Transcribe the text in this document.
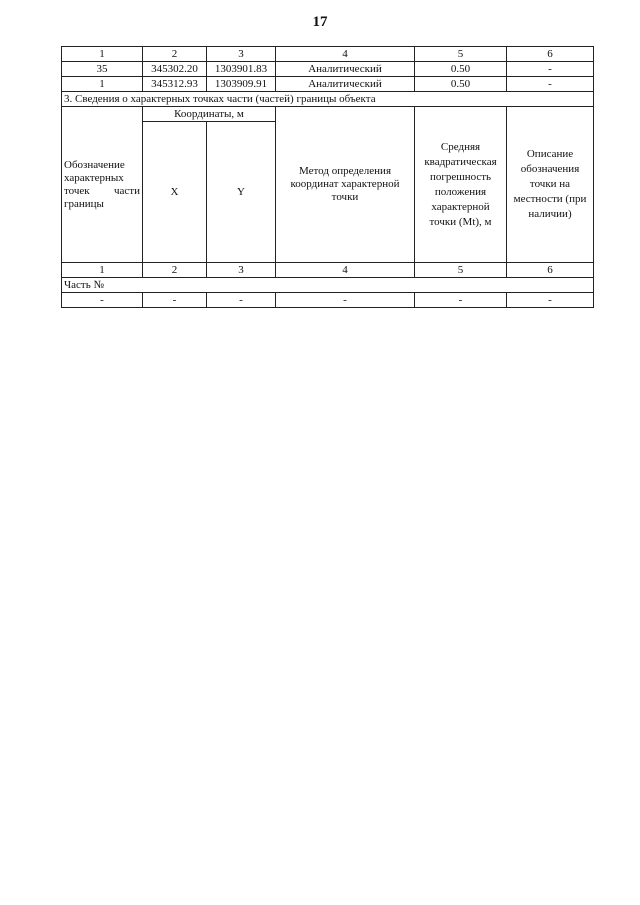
17
1	2	3	4	5	6
35	345302.20	1303901.83	Аналитический	0.50	-
1	345312.93	1303909.91	Аналитический	0.50	-
3. Сведения о характерных точках части (частей) границы объекта					
Обозначение характерных точек части границы	Координаты, м		Метод определения координат характерной точки	Средняя квадратическая погрешность положения характерной точки (Mt), м	Описание обозначения точки на местности (при наличии)
	X	Y			
1	2	3	4	5	6
Часть №					
-	-	-	-	-	-
